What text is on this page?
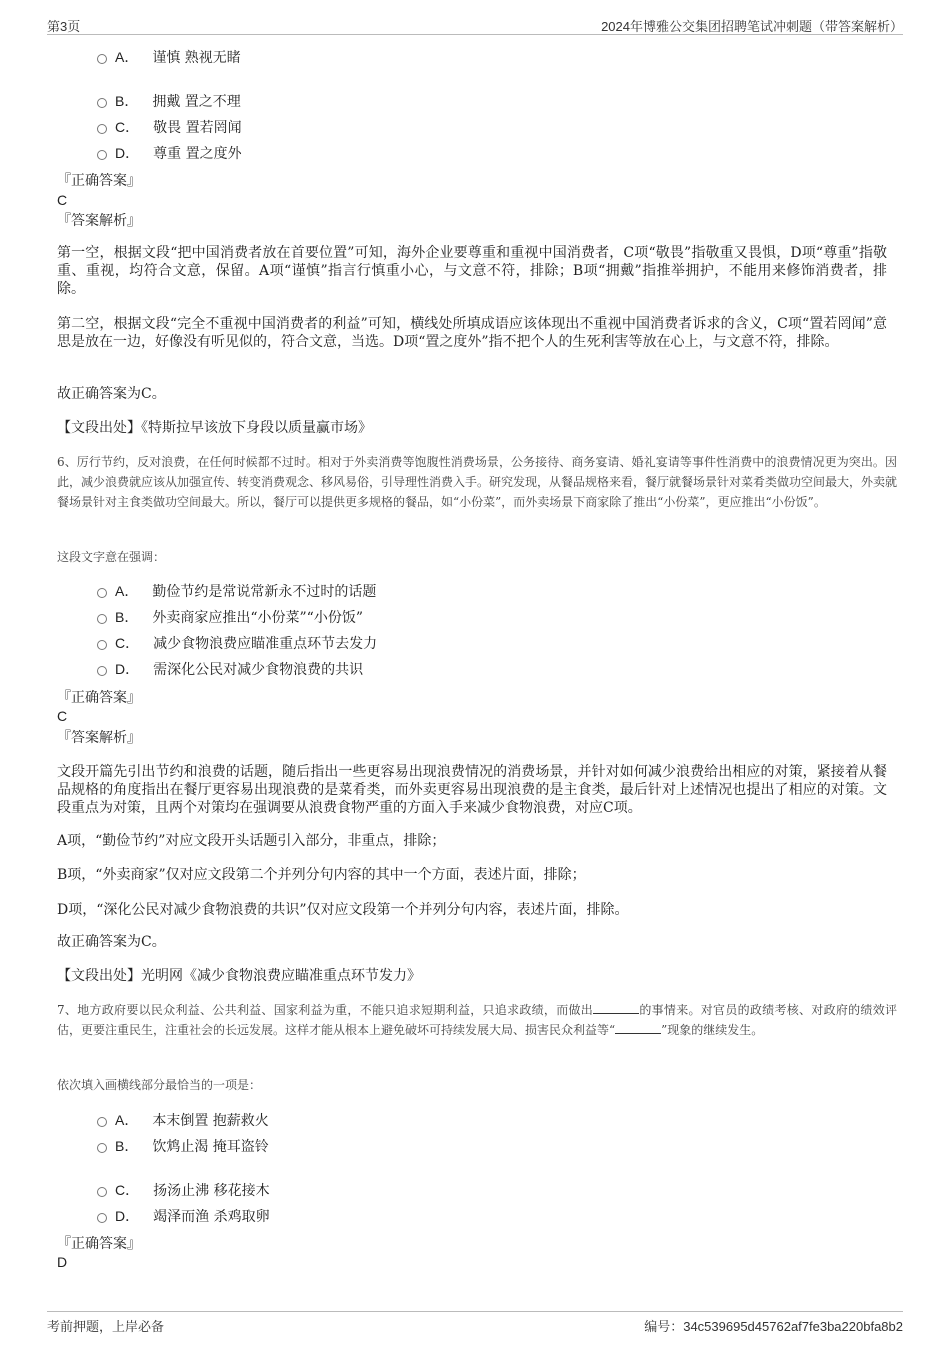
第3页	2024年博雅公交集团招聘笔试冲刺题（带答案解析）
A． 谨慎 熟视无睹
B． 拥戴 置之不理
C． 敬畏 置若罔闻
D． 尊重 置之度外
『正确答案』
C
『答案解析』
第一空，根据文段“把中国消费者放在首要位置”可知，海外企业要尊重和重视中国消费者，C项“敬畏”指敬重又畏惧，D项“尊重”指敬重、重视，均符合文意，保留。A项“谨慎”指言行慎重小心，与文意不符，排除；B项“拥戴”指推举拥护，不能用来修饰消费者，排除。
第二空，根据文段“完全不重视中国消费者的利益”可知，横线处所填成语应该体现出不重视中国消费者诉求的含义，C项“置若罔闻”意思是放在一边，好像没有听见似的，符合文意，当选。D项“置之度外”指不把个人的生死利害等放在心上，与文意不符，排除。
故正确答案为C。
【文段出处】《特斯拉早该放下身段以质量赢市场》
6、厉行节约，反对浪费，在任何时候都不过时。相对于外卖消费等饱腹性消费场景，公务接待、商务宴请、婚礼宴请等事件性消费中的浪费情况更为突出。因此，减少浪费就应该从加强宣传、转变消费观念、移风易俗，引导理性消费入手。研究发现，从餐品规格来看，餐厅就餐场景针对菜肴类做功空间最大，外卖就餐场景针对主食类做功空间最大。所以，餐厅可以提供更多规格的餐品，如“小份菜”，而外卖场景下商家除了推出“小份菜”，更应推出“小份饭”。
这段文字意在强调：
A． 勤俭节约是常说常新永不过时的话题
B． 外卖商家应推出“小份菜”“小份饭”
C． 减少食物浪费应瞄准重点环节去发力
D． 需深化公民对减少食物浪费的共识
『正确答案』
C
『答案解析』
文段开篇先引出节约和浪费的话题，随后指出一些更容易出现浪费情况的消费场景，并针对如何减少浪费给出相应的对策，紧接着从餐品规格的角度指出在餐厅更容易出现浪费的是菜肴类，而外卖更容易出现浪费的是主食类，最后针对上述情况也提出了相应的对策。文段重点为对策，且两个对策均在强调要从浪费食物严重的方面入手来减少食物浪费，对应C项。
A项，“勤俭节约”对应文段开头话题引入部分，非重点，排除；
B项，“外卖商家”仅对应文段第二个并列分句内容的其中一个方面，表述片面，排除；
D项，“深化公民对减少食物浪费的共识”仅对应文段第一个并列分句内容，表述片面，排除。
故正确答案为C。
【文段出处】光明网《减少食物浪费应瞄准重点环节发力》
7、地方政府要以民众利益、公共利益、国家利益为重，不能只追求短期利益，只追求政绩，而做出	的事情来。对官员的政绩考核、对政府的绩效评估，更要注重民生，注重社会的长远发展。这样才能从根本上避免破坏可持续发展大局、损害民众利益等“	”现象的继续发生。
依次填入画横线部分最恰当的一项是：
A． 本末倒置 抱薪救火
B． 饮鸩止渴 掩耳盗铃
C． 扬汤止沸 移花接木
D． 竭泽而渔 杀鸡取卵
『正确答案』
D
考前押题，上岸必备	编号：34c539695d45762af7fe3ba220bfa8b2
